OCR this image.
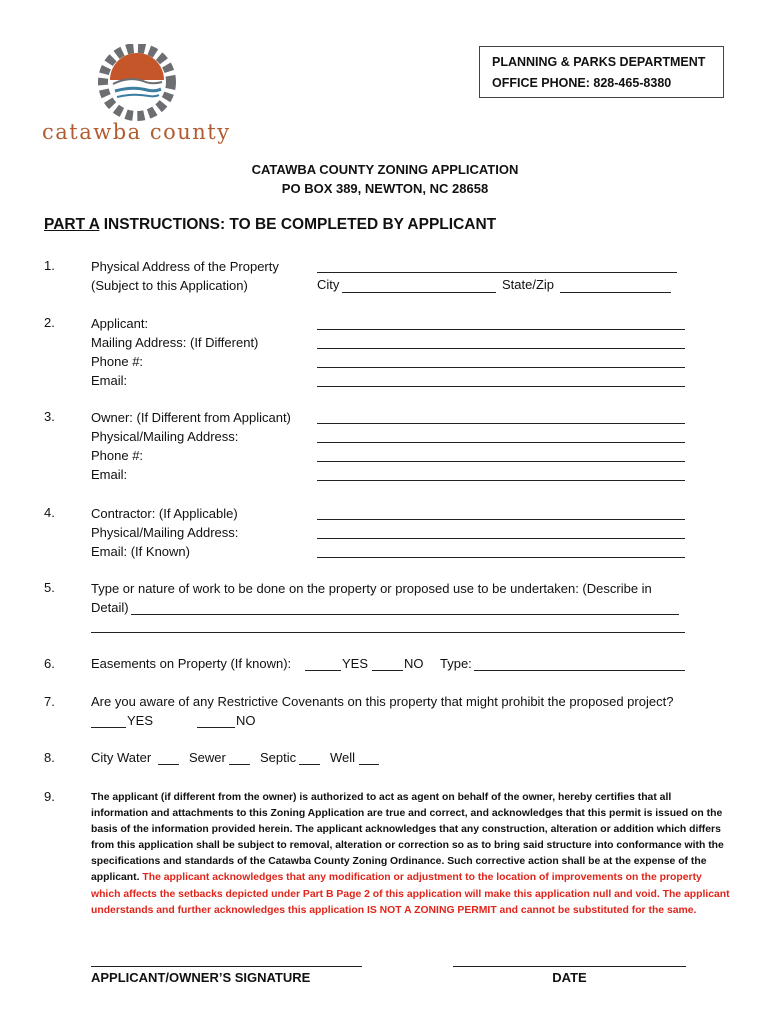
catawba county
PLANNING & PARKS DEPARTMENT
OFFICE PHONE: 828-465-8380
CATAWBA COUNTY ZONING APPLICATION
PO BOX 389, NEWTON, NC 28658
PART A INSTRUCTIONS: TO BE COMPLETED BY APPLICANT
1.	Physical Address of the Property
(Subject to this Application)	City	State/Zip
2.	Applicant:
Mailing Address: (If Different)
Phone #:
Email:
3.	Owner: (If Different from Applicant)
Physical/Mailing Address:
Phone #:
Email:
4.	Contractor: (If Applicable)
Physical/Mailing Address:
Email: (If Known)
5.	Type or nature of work to be done on the property or proposed use to be undertaken: (Describe in
Detail)
6.	Easements on Property (If known):	YES	NO Type:
7.	Are you aware of any Restrictive Covenants on this property that might prohibit the proposed project?
YES	NO
8.	City Water	Sewer	Septic	Well
9.	The applicant (if different from the owner) is authorized to act as agent on behalf of the owner, hereby certifies that all information and attachments to this Zoning Application are true and correct, and acknowledges that this permit is issued on the basis of the information provided herein. The applicant acknowledges that any construction, alteration or addition which differs from this application shall be subject to removal, alteration or correction so as to bring said structure into conformance with the specifications and standards of the Catawba County Zoning Ordinance. Such corrective action shall be at the expense of the applicant. The applicant acknowledges that any modification or adjustment to the location of improvements on the property which affects the setbacks depicted under Part B Page 2 of this application will make this application null and void. The applicant understands and further acknowledges this application IS NOT A ZONING PERMIT and cannot be substituted for the same.
APPLICANT/OWNER’S SIGNATURE	DATE
